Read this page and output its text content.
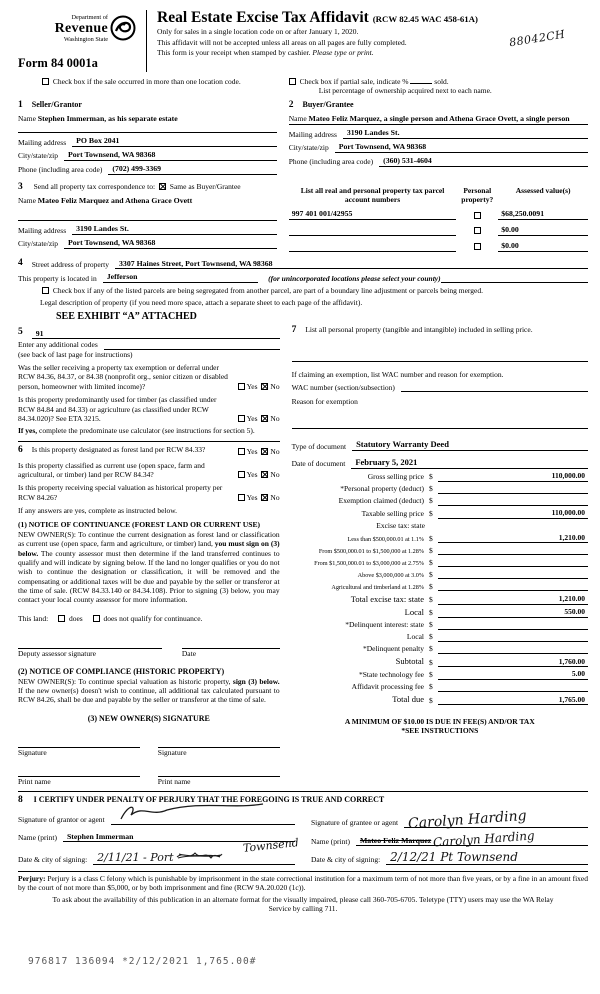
Department of
Revenue
Washington State
Form 84 0001a
Real Estate Excise Tax Affidavit (RCW 82.45 WAC 458-61A)
Only for sales in a single location code on or after January 1, 2020.
This affidavit will not be accepted unless all areas on all pages are fully completed.
This form is your receipt when stamped by cashier. Please type or print.
88042CH
Check box if the sale occurred in more than one location code.	Check box if partial sale, indicate %	sold.
List percentage of ownership acquired next to each name.
1 Seller/Grantor
Name Stephen Immerman, as his separate estate
Mailing address	PO Box 2041
City/state/zip	Port Townsend, WA 98368
Phone (including area code)	(702) 499-3369
2 Buyer/Grantee
Name Mateo Feliz Marquez, a single person and Athena Grace Ovett, a single person
Mailing address	3190 Landes St.
City/state/zip	Port Townsend, WA 98368
Phone (including area code)	(360) 531-4604
3 Send all property tax correspondence to: Same as Buyer/Grantee
Name Mateo Feliz Marquez and Athena Grace Ovett
Mailing address	3190 Landes St.
City/state/zip	Port Townsend, WA 98368
List all real and personal property tax parcel account numbers
Personal property?
Assessed value(s)
997 401 001/42955	$68,250.0091
$0.00
$0.00
4	Street address of property	3307 Haines Street, Port Townsend, WA 98368
This property is located in	Jefferson	(for unincorporated locations please select your county)
Check box if any of the listed parcels are being segregated from another parcel, are part of a boundary line adjustment or parcels being merged.
Legal description of property (if you need more space, attach a separate sheet to each page of the affidavit).
SEE EXHIBIT “A” ATTACHED
5	91
Enter any additional codes
(see back of last page for instructions)
Was the seller receiving a property tax exemption or deferral under RCW 84.36, 84.37, or 84.38 (nonprofit org., senior citizen or disabled person, homeowner with limited income)?	Yes No
Is this property predominantly used for timber (as classified under RCW 84.84 and 84.33) or agriculture (as classified under RCW 84.34.020)? See ETA 3215.	Yes No
If yes, complete the predominate use calculator (see instructions for section 5).
6	Is this property designated as forest land per RCW 84.33?	Yes No
Is this property classified as current use (open space, farm and agricultural, or timber) land per RCW 84.34?	Yes No
Is this property receiving special valuation as historical property per RCW 84.26?	Yes No
If any answers are yes, complete as instructed below.
(1) NOTICE OF CONTINUANCE (FOREST LAND OR CURRENT USE)
NEW OWNER(S): To continue the current designation as forest land or classification as current use (open space, farm and agriculture, or timber) land, you must sign on (3) below. The county assessor must then determine if the land transferred continues to qualify and will indicate by signing below. If the land no longer qualifies or you do not wish to continue the designation or classification, it will be removed and the compensating or additional taxes will be due and payable by the seller or transferor at the time of sale. (RCW 84.33.140 or 84.34.108). Prior to signing (3) below, you may contact your local county assessor for more information.
This land:	does	does not qualify for continuance.
Deputy assessor signature	Date
(2) NOTICE OF COMPLIANCE (HISTORIC PROPERTY)
NEW OWNER(S): To continue special valuation as historic property, sign (3) below. If the new owner(s) doesn't wish to continue, all additional tax calculated pursuant to RCW 84.26, shall be due and payable by the seller or transferor at the time of sale.
(3) NEW OWNER(S) SIGNATURE
Signature	Signature
Print name	Print name
7	List all personal property (tangible and intangible) included in selling price.
If claiming an exemption, list WAC number and reason for exemption.
WAC number (section/subsection)
Reason for exemption
Type of document	Statutory Warranty Deed
Date of document	February 5, 2021
Gross selling price $	110,000.00
*Personal property (deduct) $
Exemption claimed (deduct) $
Taxable selling price $	110,000.00
Excise tax: state
Less than $500,000.01 at 1.1% $	1,210.00
From $500,000.01 to $1,500,000 at 1.28% $
From $1,500,000.01 to $3,000,000 at 2.75% $
Above $3,000,000 at 3.0% $
Agricultural and timberland at 1.28% $
Total excise tax: state $	1,210.00
Local $	550.00
*Delinquent interest: state $
Local $
*Delinquent penalty $
Subtotal $	1,760.00
*State technology fee $	5.00
Affidavit processing fee $
Total due $	1,765.00
A MINIMUM OF $10.00 IS DUE IN FEE(S) AND/OR TAX
*SEE INSTRUCTIONS
8 I CERTIFY UNDER PENALTY OF PERJURY THAT THE FOREGOING IS TRUE AND CORRECT
Signature of grantor or agent
Name (print)	Stephen Immerman
Date & city of signing: 2/11/21 - Port
Townsend
Signature of grantee or agent Carolyn Harding
Name (print)	Mateo Feliz Marquez Carolyn Harding
Date & city of signing: 2/12/21 Pt Townsend
Perjury: Perjury is a class C felony which is punishable by imprisonment in the state correctional institution for a maximum term of not more than five years, or by a fine in an amount fixed by the court of not more than $5,000, or by both imprisonment and fine (RCW 9A.20.020 (1c)).
To ask about the availability of this publication in an alternate format for the visually impaired, please call 360-705-6705. Teletype (TTY) users may use the WA Relay Service by calling 711.
976817 136094 *2/12/2021 1,765.00#
